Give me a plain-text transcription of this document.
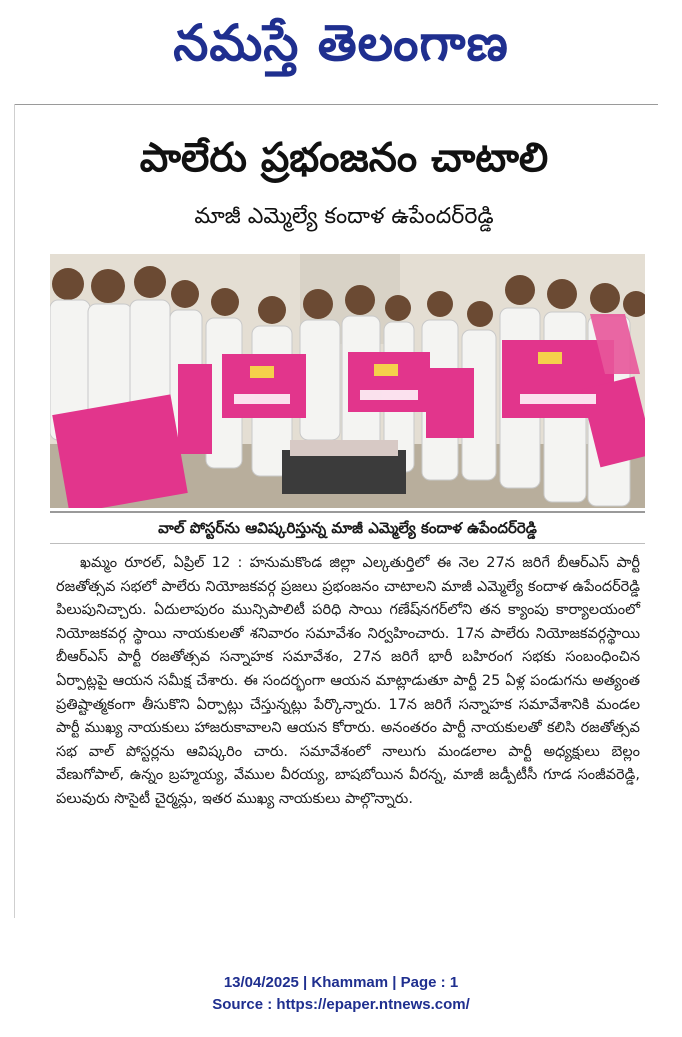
నమస్తే తెలంగాణ
పాలేరు ప్రభంజనం చాటాలి
మాజీ ఎమ్మెల్యే కందాళ ఉపేందర్‌రెడ్డి
వాల్ పోస్టర్‌ను ఆవిష్కరిస్తున్న మాజీ ఎమ్మెల్యే కందాళ ఉపేందర్‌రెడ్డి

ఖమ్మం రూరల్, ఏప్రిల్ 12 : హనుమకొండ జిల్లా ఎల్కతుర్తిలో ఈ నెల 27న జరిగే బీఆర్‌ఎస్ పార్టీ రజతోత్సవ సభలో పాలేరు నియోజకవర్గ ప్రజలు ప్రభంజనం చాటాలని మాజీ ఎమ్మెల్యే కందాళ ఉపేందర్‌రెడ్డి పిలుపునిచ్చారు. ఏదులాపురం మున్సిపాలిటీ పరిధి సాయి గణేష్‌నగర్‌లోని తన క్యాంపు కార్యాలయంలో నియోజకవర్గ స్థాయి నాయకులతో శనివారం సమావేశం నిర్వహించారు. 17న పాలేరు నియోజకవర్గస్థాయి బీఆర్‌ఎస్ పార్టీ రజతోత్సవ సన్నాహక సమావేశం, 27న జరిగే భారీ బహిరంగ సభకు సంబంధించిన ఏర్పాట్లపై ఆయన సమీక్ష చేశారు. ఈ సందర్భంగా ఆయన మాట్లాడుతూ పార్టీ 25 ఏళ్ల పండుగను అత్యంత ప్రతిష్టాత్మకంగా తీసుకొని ఏర్పాట్లు చేస్తున్నట్లు పేర్కొన్నారు. 17న జరిగే సన్నాహక సమావేశానికి మండల పార్టీ ముఖ్య నాయకులు హాజరుకావాలని ఆయన కోరారు. అనంతరం పార్టీ నాయకులతో కలిసి రజతోత్సవ సభ వాల్ పోస్టర్లను ఆవిష్కరిం చారు. సమావేశంలో నాలుగు మండలాల పార్టీ అధ్యక్షులు బెల్లం వేణుగోపాల్, ఉన్నం బ్రహ్మయ్య, వేముల వీరయ్య, బాషబోయిన వీరన్న, మాజీ జడ్పీటీసీ గూడ సంజీవరెడ్డి, పలువురు సొసైటీ చైర్మన్లు, ఇతర ముఖ్య నాయకులు పాల్గొన్నారు.

13/04/2025 | Khammam | Page : 1
Source : https://epaper.ntnews.com/
